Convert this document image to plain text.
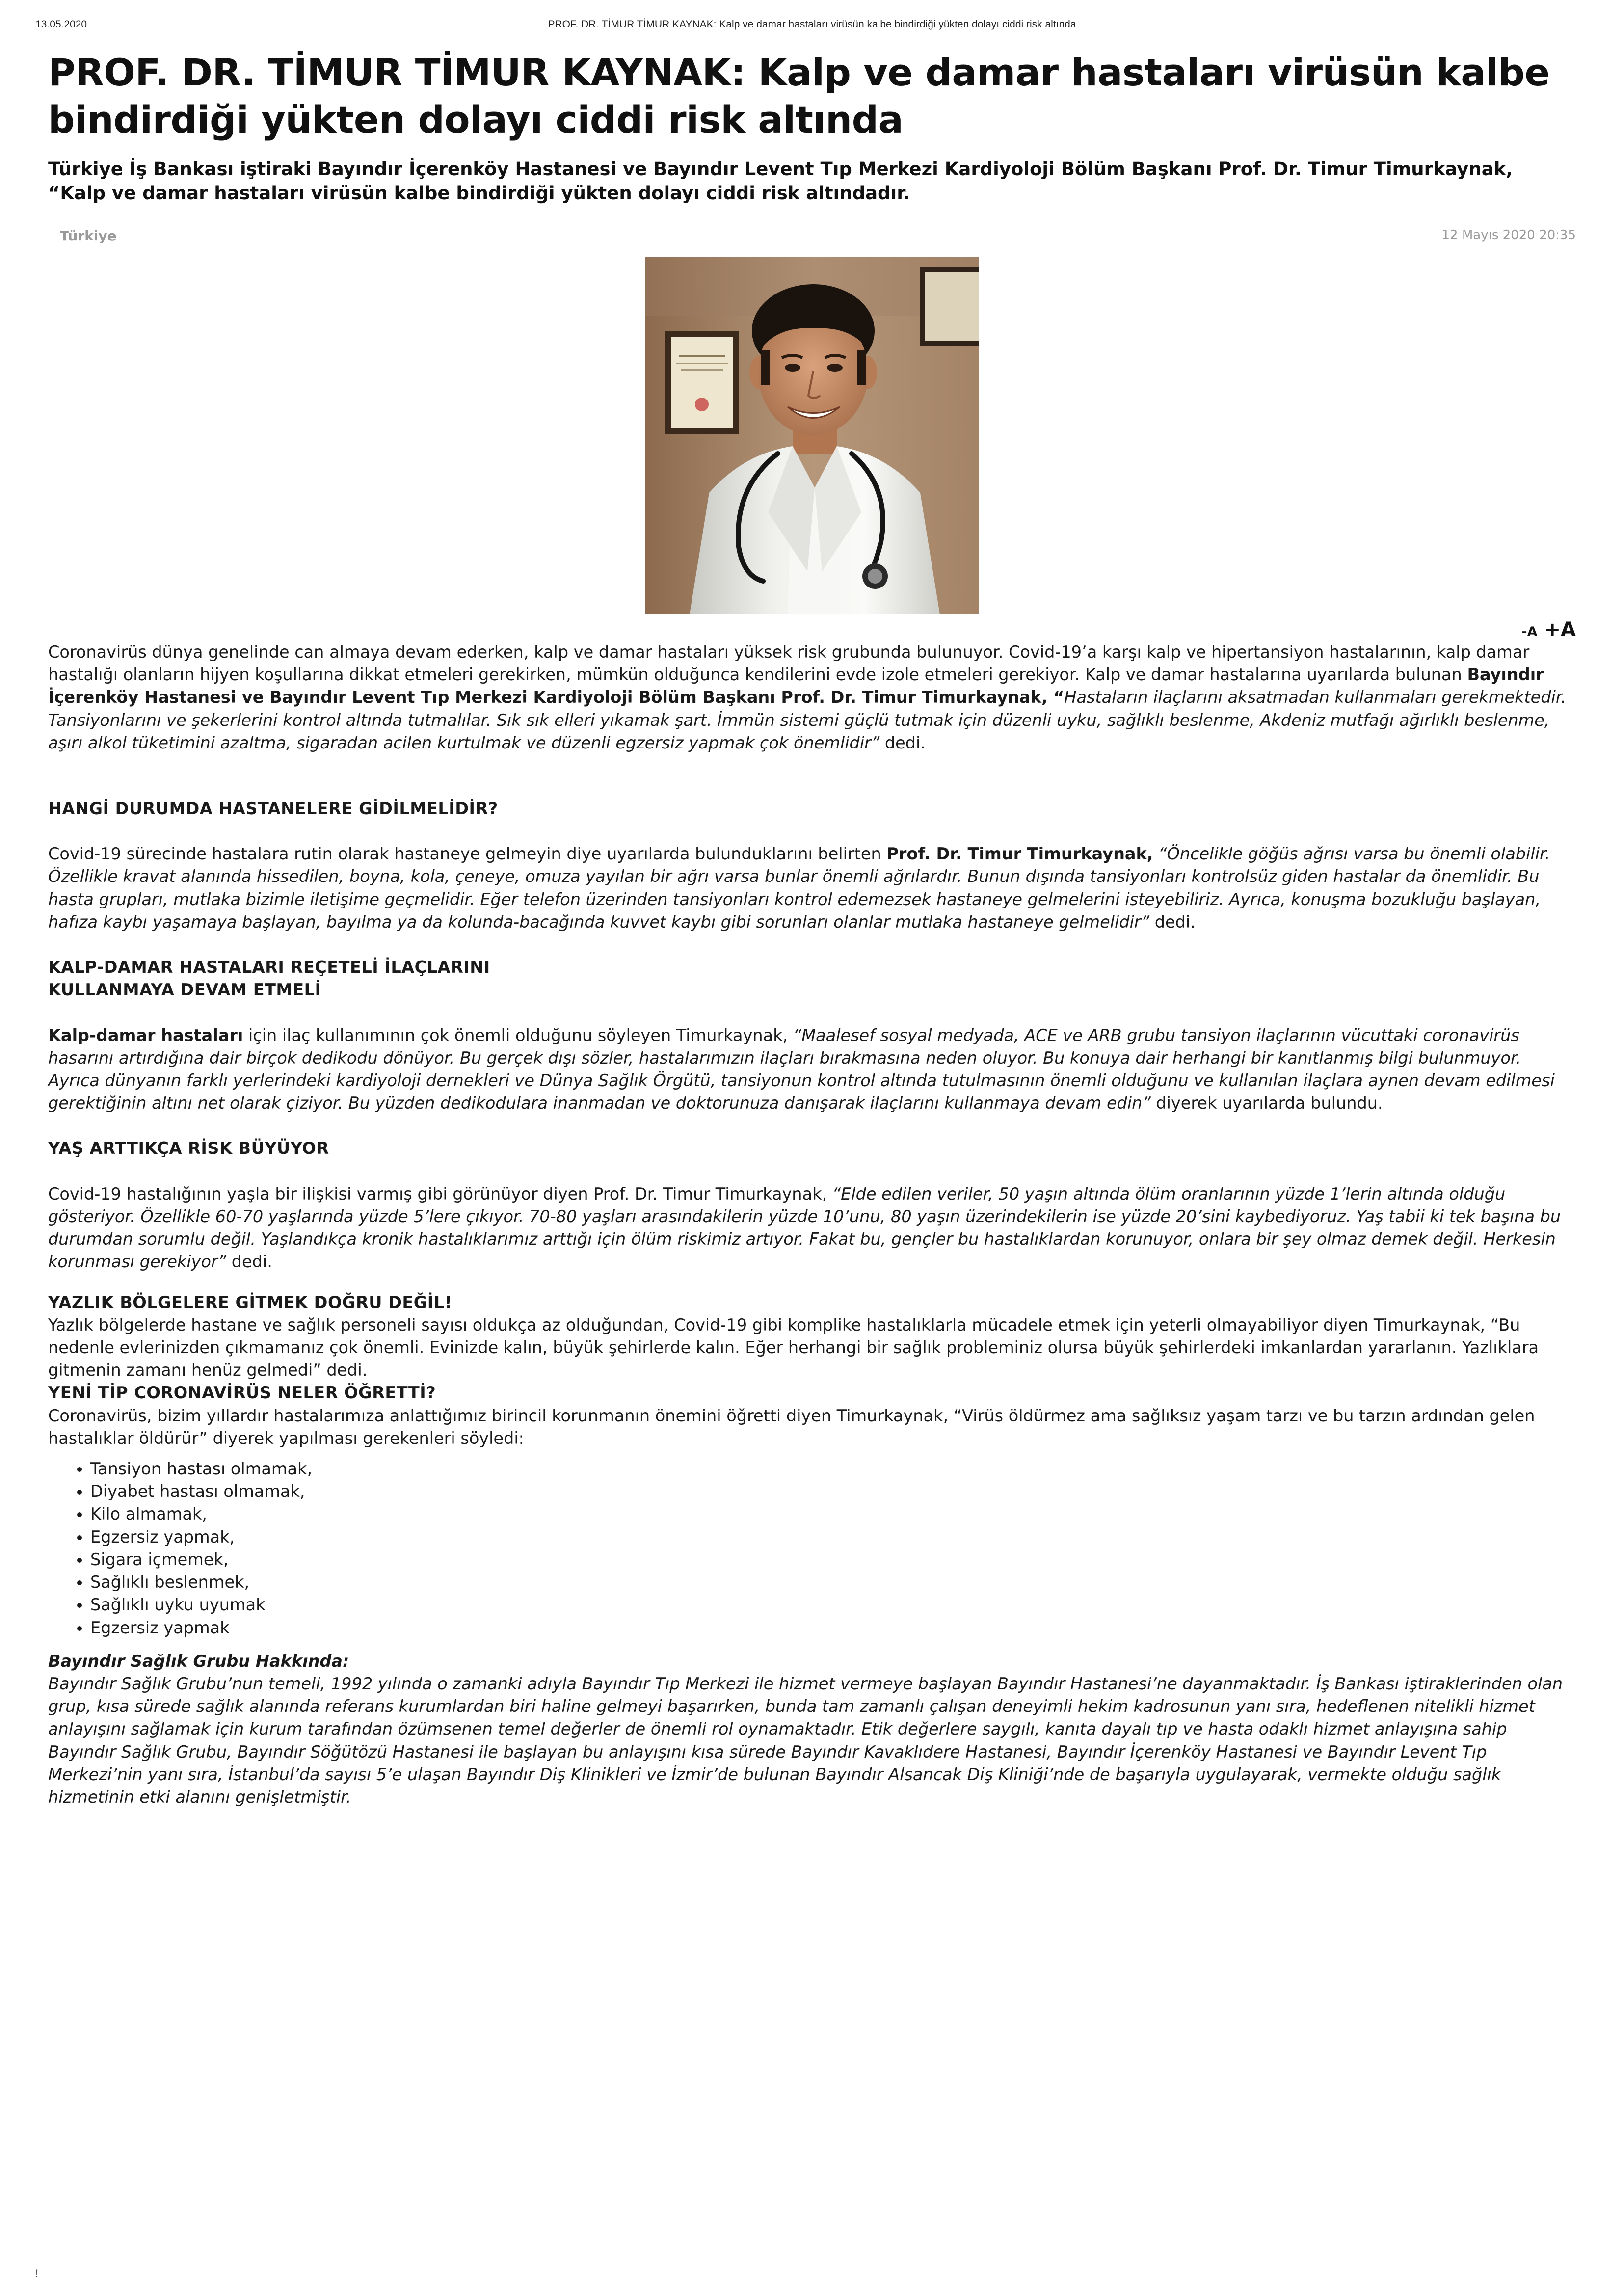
13.05.2020	PROF. DR. TİMUR TİMUR KAYNAK: Kalp ve damar hastaları virüsün kalbe bindirdiği yükten dolayı ciddi risk altında
PROF. DR. TİMUR TİMUR KAYNAK: Kalp ve damar hastaları virüsün kalbe bindirdiği yükten dolayı ciddi risk altında

Türkiye İş Bankası iştiraki Bayındır İçerenköy Hastanesi ve Bayındır Levent Tıp Merkezi Kardiyoloji Bölüm Başkanı Prof. Dr. Timur Timurkaynak, “Kalp ve damar hastaları virüsün kalbe bindirdiği yükten dolayı ciddi risk altındadır.

Türkiye	12 Mayıs 2020 20:35
-A +A

Coronavirüs dünya genelinde can almaya devam ederken, kalp ve damar hastaları yüksek risk grubunda bulunuyor. Covid-19’a karşı kalp ve hipertansiyon hastalarının, kalp damar hastalığı olanların hijyen koşullarına dikkat etmeleri gerekirken, mümkün olduğunca kendilerini evde izole etmeleri gerekiyor. Kalp ve damar hastalarına uyarılarda bulunan Bayındır İçerenköy Hastanesi ve Bayındır Levent Tıp Merkezi Kardiyoloji Bölüm Başkanı Prof. Dr. Timur Timurkaynak, “Hastaların ilaçlarını aksatmadan kullanmaları gerekmektedir. Tansiyonlarını ve şekerlerini kontrol altında tutmalılar. Sık sık elleri yıkamak şart. İmmün sistemi güçlü tutmak için düzenli uyku, sağlıklı beslenme, Akdeniz mutfağı ağırlıklı beslenme, aşırı alkol tüketimini azaltma, sigaradan acilen kurtulmak ve düzenli egzersiz yapmak çok önemlidir” dedi.

HANGİ DURUMDA HASTANELERE GİDİLMELİDİR?

Covid-19 sürecinde hastalara rutin olarak hastaneye gelmeyin diye uyarılarda bulunduklarını belirten Prof. Dr. Timur Timurkaynak, “Öncelikle göğüs ağrısı varsa bu önemli olabilir. Özellikle kravat alanında hissedilen, boyna, kola, çeneye, omuza yayılan bir ağrı varsa bunlar önemli ağrılardır. Bunun dışında tansiyonları kontrolsüz giden hastalar da önemlidir. Bu hasta grupları, mutlaka bizimle iletişime geçmelidir. Eğer telefon üzerinden tansiyonları kontrol edemezsek hastaneye gelmelerini isteyebiliriz. Ayrıca, konuşma bozukluğu başlayan, hafıza kaybı yaşamaya başlayan, bayılma ya da kolunda-bacağında kuvvet kaybı gibi sorunları olanlar mutlaka hastaneye gelmelidir” dedi.

KALP-DAMAR HASTALARI REÇETELİ İLAÇLARINI

KULLANMAYA DEVAM ETMELİ

Kalp-damar hastaları için ilaç kullanımının çok önemli olduğunu söyleyen Timurkaynak, “Maalesef sosyal medyada, ACE ve ARB grubu tansiyon ilaçlarının vücuttaki coronavirüs hasarını artırdığına dair birçok dedikodu dönüyor. Bu gerçek dışı sözler, hastalarımızın ilaçları bırakmasına neden oluyor. Bu konuya dair herhangi bir kanıtlanmış bilgi bulunmuyor. Ayrıca dünyanın farklı yerlerindeki kardiyoloji dernekleri ve Dünya Sağlık Örgütü, tansiyonun kontrol altında tutulmasının önemli olduğunu ve kullanılan ilaçlara aynen devam edilmesi gerektiğinin altını net olarak çiziyor. Bu yüzden dedikodulara inanmadan ve doktorunuza danışarak ilaçlarını kullanmaya devam edin” diyerek uyarılarda bulundu.

YAŞ ARTTIKÇA RİSK BÜYÜYOR

Covid-19 hastalığının yaşla bir ilişkisi varmış gibi görünüyor diyen Prof. Dr. Timur Timurkaynak, “Elde edilen veriler, 50 yaşın altında ölüm oranlarının yüzde 1’lerin altında olduğu gösteriyor. Özellikle 60-70 yaşlarında yüzde 5’lere çıkıyor. 70-80 yaşları arasındakilerin yüzde 10’unu, 80 yaşın üzerindekilerin ise yüzde 20’sini kaybediyoruz. Yaş tabii ki tek başına bu durumdan sorumlu değil. Yaşlandıkça kronik hastalıklarımız arttığı için ölüm riskimiz artıyor. Fakat bu, gençler bu hastalıklardan korunuyor, onlara bir şey olmaz demek değil. Herkesin korunması gerekiyor” dedi.

YAZLIK BÖLGELERE GİTMEK DOĞRU DEĞİL!

Yazlık bölgelerde hastane ve sağlık personeli sayısı oldukça az olduğundan, Covid-19 gibi komplike hastalıklarla mücadele etmek için yeterli olmayabiliyor diyen Timurkaynak, “Bu nedenle evlerinizden çıkmamanız çok önemli. Evinizde kalın, büyük şehirlerde kalın. Eğer herhangi bir sağlık probleminiz olursa büyük şehirlerdeki imkanlardan yararlanın. Yazlıklara gitmenin zamanı henüz gelmedi” dedi.

YENİ TİP CORONAVİRÜS NELER ÖĞRETTİ?

Coronavirüs, bizim yıllardır hastalarımıza anlattığımız birincil korunmanın önemini öğretti diyen Timurkaynak, “Virüs öldürmez ama sağlıksız yaşam tarzı ve bu tarzın ardından gelen hastalıklar öldürür” diyerek yapılması gerekenleri söyledi:

• Tansiyon hastası olmamak,
• Diyabet hastası olmamak,
• Kilo almamak,
• Egzersiz yapmak,
• Sigara içmemek,
• Sağlıklı beslenmek,
• Sağlıklı uyku uyumak
• Egzersiz yapmak

Bayındır Sağlık Grubu Hakkında:

Bayındır Sağlık Grubu’nun temeli, 1992 yılında o zamanki adıyla Bayındır Tıp Merkezi ile hizmet vermeye başlayan Bayındır Hastanesi’ne dayanmaktadır. İş Bankası iştiraklerinden olan grup, kısa sürede sağlık alanında referans kurumlardan biri haline gelmeyi başarırken, bunda tam zamanlı çalışan deneyimli hekim kadrosunun yanı sıra, hedeflenen nitelikli hizmet anlayışını sağlamak için kurum tarafından özümsenen temel değerler de önemli rol oynamaktadır. Etik değerlere saygılı, kanıta dayalı tıp ve hasta odaklı hizmet anlayışına sahip Bayındır Sağlık Grubu, Bayındır Söğütözü Hastanesi ile başlayan bu anlayışını kısa sürede Bayındır Kavaklıdere Hastanesi, Bayındır İçerenköy Hastanesi ve Bayındır Levent Tıp Merkezi’nin yanı sıra, İstanbul’da sayısı 5’e ulaşan Bayındır Diş Klinikleri ve İzmir’de bulunan Bayındır Alsancak Diş Kliniği’nde de başarıyla uygulayarak, vermekte olduğu sağlık hizmetinin etki alanını genişletmiştir.

!
